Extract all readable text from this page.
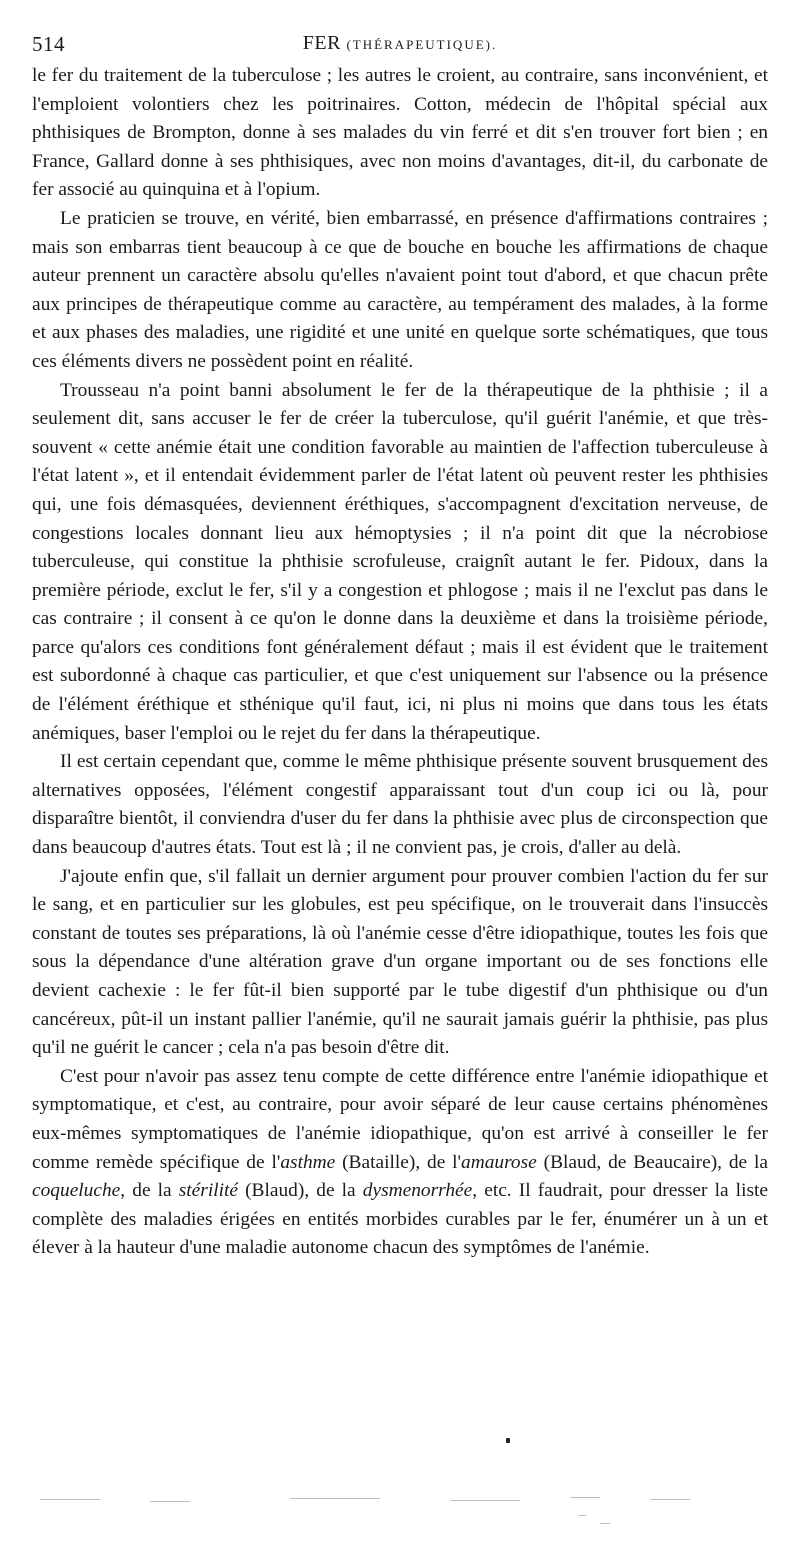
514	FER (THÉRAPEUTIQUE).

le fer du traitement de la tuberculose ; les autres le croient, au contraire, sans inconvénient, et l'emploient volontiers chez les poitrinaires. Cotton, médecin de l'hôpital spécial aux phthisiques de Brompton, donne à ses malades du vin ferré et dit s'en trouver fort bien ; en France, Gallard donne à ses phthisiques, avec non moins d'avantages, dit-il, du carbonate de fer associé au quinquina et à l'opium.

Le praticien se trouve, en vérité, bien embarrassé, en présence d'affirmations contraires ; mais son embarras tient beaucoup à ce que de bouche en bouche les affirmations de chaque auteur prennent un caractère absolu qu'elles n'avaient point tout d'abord, et que chacun prête aux principes de thérapeutique comme au caractère, au tempérament des malades, à la forme et aux phases des maladies, une rigidité et une unité en quelque sorte schématiques, que tous ces éléments divers ne possèdent point en réalité.

Trousseau n'a point banni absolument le fer de la thérapeutique de la phthisie ; il a seulement dit, sans accuser le fer de créer la tuberculose, qu'il guérit l'anémie, et que très-souvent « cette anémie était une condition favorable au maintien de l'affection tuberculeuse à l'état latent », et il entendait évidemment parler de l'état latent où peuvent rester les phthisies qui, une fois démasquées, deviennent éréthiques, s'accompagnent d'excitation nerveuse, de congestions locales donnant lieu aux hémoptysies ; il n'a point dit que la nécrobiose tuberculeuse, qui constitue la phthisie scrofuleuse, craignît autant le fer. Pidoux, dans la première période, exclut le fer, s'il y a congestion et phlogose ; mais il ne l'exclut pas dans le cas contraire ; il consent à ce qu'on le donne dans la deuxième et dans la troisième période, parce qu'alors ces conditions font généralement défaut ; mais il est évident que le traitement est subordonné à chaque cas particulier, et que c'est uniquement sur l'absence ou la présence de l'élément éréthique et sthénique qu'il faut, ici, ni plus ni moins que dans tous les états anémiques, baser l'emploi ou le rejet du fer dans la thérapeutique.

Il est certain cependant que, comme le même phthisique présente souvent brusquement des alternatives opposées, l'élément congestif apparaissant tout d'un coup ici ou là, pour disparaître bientôt, il conviendra d'user du fer dans la phthisie avec plus de circonspection que dans beaucoup d'autres états. Tout est là ; il ne convient pas, je crois, d'aller au delà.

J'ajoute enfin que, s'il fallait un dernier argument pour prouver combien l'action du fer sur le sang, et en particulier sur les globules, est peu spécifique, on le trouverait dans l'insuccès constant de toutes ses préparations, là où l'anémie cesse d'être idiopathique, toutes les fois que sous la dépendance d'une altération grave d'un organe important ou de ses fonctions elle devient cachexie : le fer fût-il bien supporté par le tube digestif d'un phthisique ou d'un cancéreux, pût-il un instant pallier l'anémie, qu'il ne saurait jamais guérir la phthisie, pas plus qu'il ne guérit le cancer ; cela n'a pas besoin d'être dit.

C'est pour n'avoir pas assez tenu compte de cette différence entre l'anémie idiopathique et symptomatique, et c'est, au contraire, pour avoir séparé de leur cause certains phénomènes eux-mêmes symptomatiques de l'anémie idiopathique, qu'on est arrivé à conseiller le fer comme remède spécifique de l'asthme (Bataille), de l'amaurose (Blaud, de Beaucaire), de la coqueluche, de la stérilité (Blaud), de la dysmenorrhée, etc. Il faudrait, pour dresser la liste complète des maladies érigées en entités morbides curables par le fer, énumérer un à un et élever à la hauteur d'une maladie autonome chacun des symptômes de l'anémie.
